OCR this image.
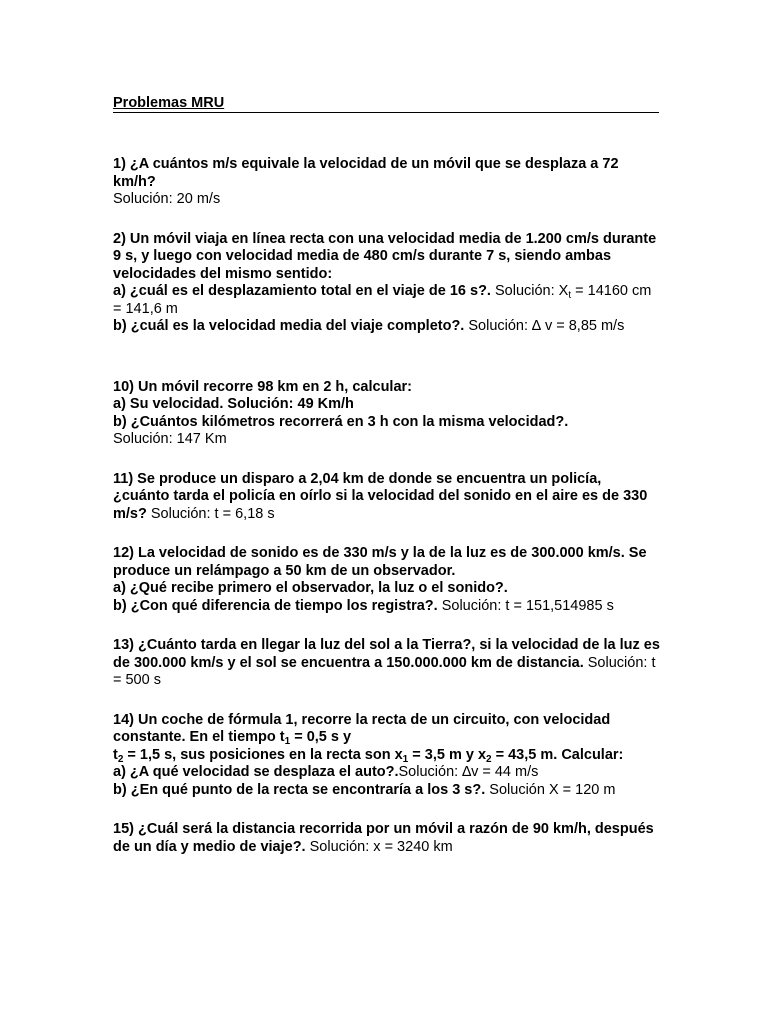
Problemas MRU

1) ¿A cuántos m/s equivale la velocidad de un móvil que se desplaza a 72 km/h?

Solución: 20 m/s

2) Un móvil viaja en línea recta con una velocidad media de 1.200 cm/s durante 9 s, y luego con velocidad media de 480 cm/s durante 7 s, siendo ambas velocidades del mismo sentido:

a) ¿cuál es el desplazamiento total en el viaje de 16 s?. Solución: $X_t = 14160$ cm = 141,6 m

b) ¿cuál es la velocidad media del viaje completo?. Solución: ∆ v = 8,85 m/s

10) Un móvil recorre 98 km en 2 h, calcular:

a) Su velocidad. Solución: 49 Km/h

b) ¿Cuántos kilómetros recorrerá en 3 h con la misma velocidad?.

Solución: 147 Km

11) Se produce un disparo a 2,04 km de donde se encuentra un policía, ¿cuánto tarda el policía en oírlo si la velocidad del sonido en el aire es de 330 m/s? Solución: t = 6,18 s

12) La velocidad de sonido es de 330 m/s y la de la luz es de 300.000 km/s. Se produce un relámpago a 50 km de un observador.

a) ¿Qué recibe primero el observador, la luz o el sonido?.

b) ¿Con qué diferencia de tiempo los registra?. Solución: t = 151,514985 s

13) ¿Cuánto tarda en llegar la luz del sol a la Tierra?, si la velocidad de la luz es de 300.000 km/s y el sol se encuentra a 150.000.000 km de distancia. Solución: t = 500 s

14) Un coche de fórmula 1, recorre la recta de un circuito, con velocidad constante. En el tiempo $t_1 = 0,5$ s y

$t_2 = 1,5$ s, sus posiciones en la recta son $x_1 = 3,5$ m y $x_2 = 43,5$ m. Calcular:

a) ¿A qué velocidad se desplaza el auto?.Solución: ∆v = 44 m/s

b) ¿En qué punto de la recta se encontraría a los 3 s?. Solución X = 120 m

15) ¿Cuál será la distancia recorrida por un móvil a razón de 90 km/h, después de un día y medio de viaje?. Solución: x = 3240 km
